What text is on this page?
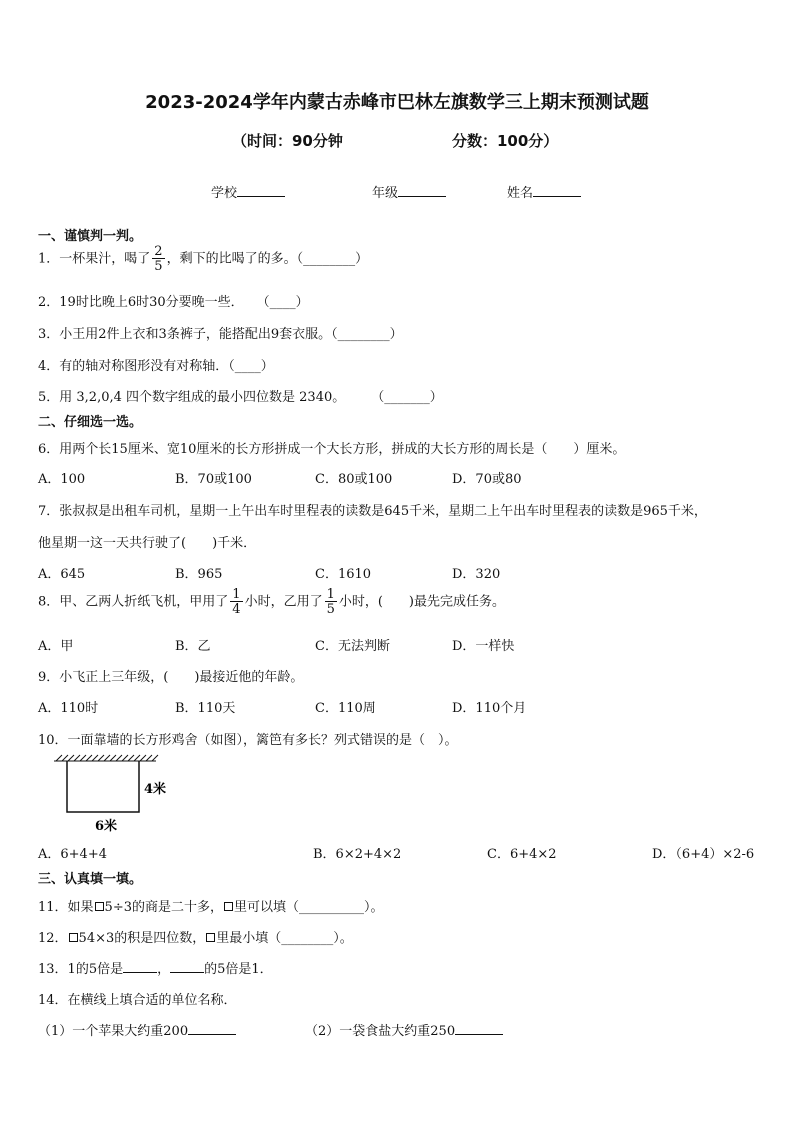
2023-2024学年内蒙古赤峰市巴林左旗数学三上期末预测试题
（时间：90分钟	分数：100分）
学校	年级	姓名
一、谨慎判一判。
1．一杯果汁，喝了 $\frac{2}{5}$ ，剩下的比喝了的多。（________）
2．19时比晚上6时30分要晚一些．　　（____）
3．小王用2件上衣和3条裤子，能搭配出9套衣服。（________）
4．有的轴对称图形没有对称轴．（____）
5．用 3,2,0,4 四个数字组成的最小四位数是 2340。　　　（_______）
二、仔细选一选。
6．用两个长15厘米、宽10厘米的长方形拼成一个大长方形，拼成的大长方形的周长是（　　）厘米。
A．100	B．70或100	C．80或100	D．70或80
7．张叔叔是出租车司机，星期一上午出车时里程表的读数是645千米，星期二上午出车时里程表的读数是965千米，
他星期一这一天共行驶了(　　)千米．
A．645	B．965	C．1610	D．320
8．甲、乙两人折纸飞机，甲用了 $\frac{1}{4}$ 小时，乙用了 $\frac{1}{5}$ 小时，(　　)最先完成任务。
A．甲	B．乙	C．无法判断	D．一样快
9．小飞正上三年级，(　　)最接近他的年龄。
A．110时	B．110天	C．110周	D．110个月
10．一面靠墙的长方形鸡舍（如图），篱笆有多长？列式错误的是（　）。
4米
6米
A．6+4+4	B．6×2+4×2	C．6+4×2	D．（6+4）×2-6
三、认真填一填。
11．如果 5÷3的商是二十多， 里可以填（__________）。
12． 54×3的积是四位数， 里最小填（________）。
13．1的5倍是	，	的5倍是1．
14．在横线上填合适的单位名称．
（1）一个苹果大约重200	（2）一袋食盐大约重250
